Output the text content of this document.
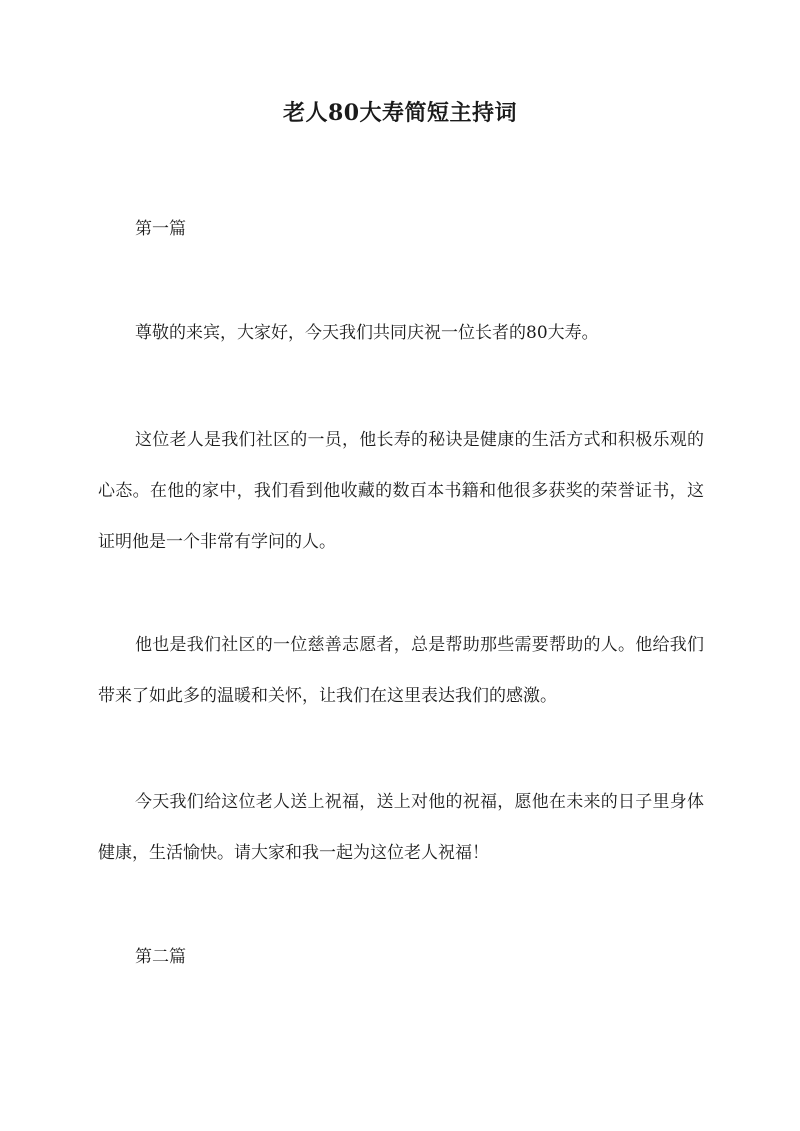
老人80大寿简短主持词
第一篇

尊敬的来宾，大家好，今天我们共同庆祝一位长者的80大寿。

这位老人是我们社区的一员，他长寿的秘诀是健康的生活方式和积极乐观的心态。在他的家中，我们看到他收藏的数百本书籍和他很多获奖的荣誉证书，这证明他是一个非常有学问的人。

他也是我们社区的一位慈善志愿者，总是帮助那些需要帮助的人。他给我们带来了如此多的温暖和关怀，让我们在这里表达我们的感激。

今天我们给这位老人送上祝福，送上对他的祝福，愿他在未来的日子里身体健康，生活愉快。请大家和我一起为这位老人祝福！

第二篇
